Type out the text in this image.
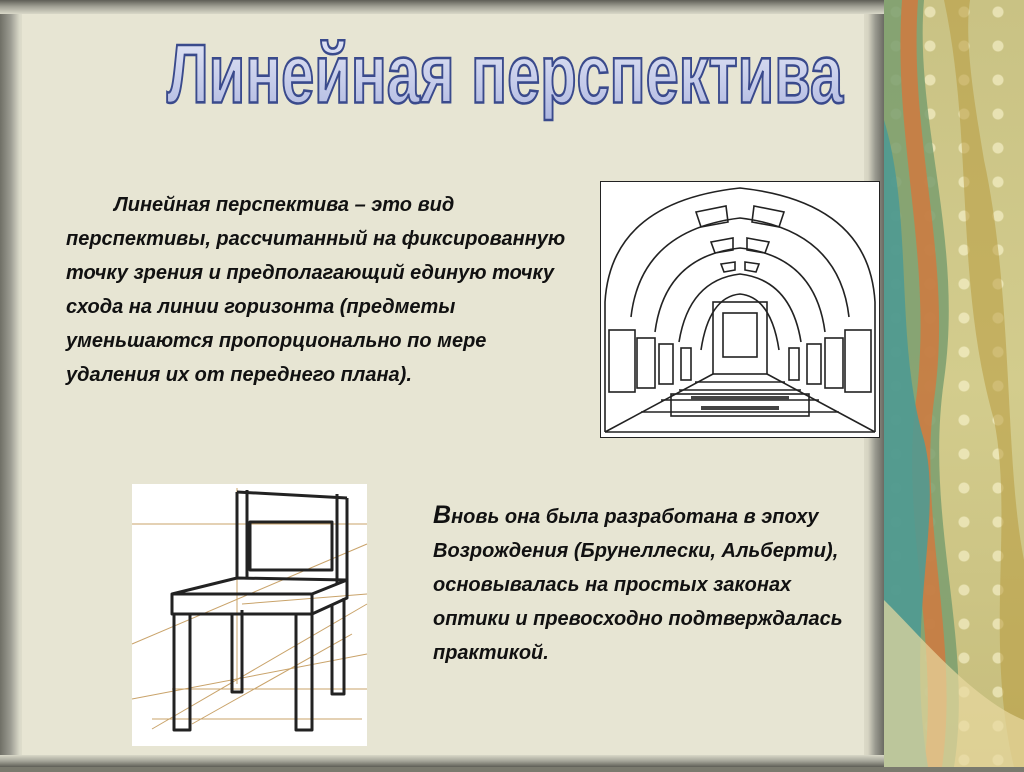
Линейная перспектива

Линейная перспектива – это вид перспективы, рассчитанный на фиксированную точку зрения и предполагающий единую точку схода на линии горизонта (предметы уменьшаются пропорционально по мере удаления их от переднего плана).

Вновь она была разработана в эпоху Возрождения (Брунеллески, Альберти), основывалась на простых законах оптики и превосходно подтверждалась практикой.
